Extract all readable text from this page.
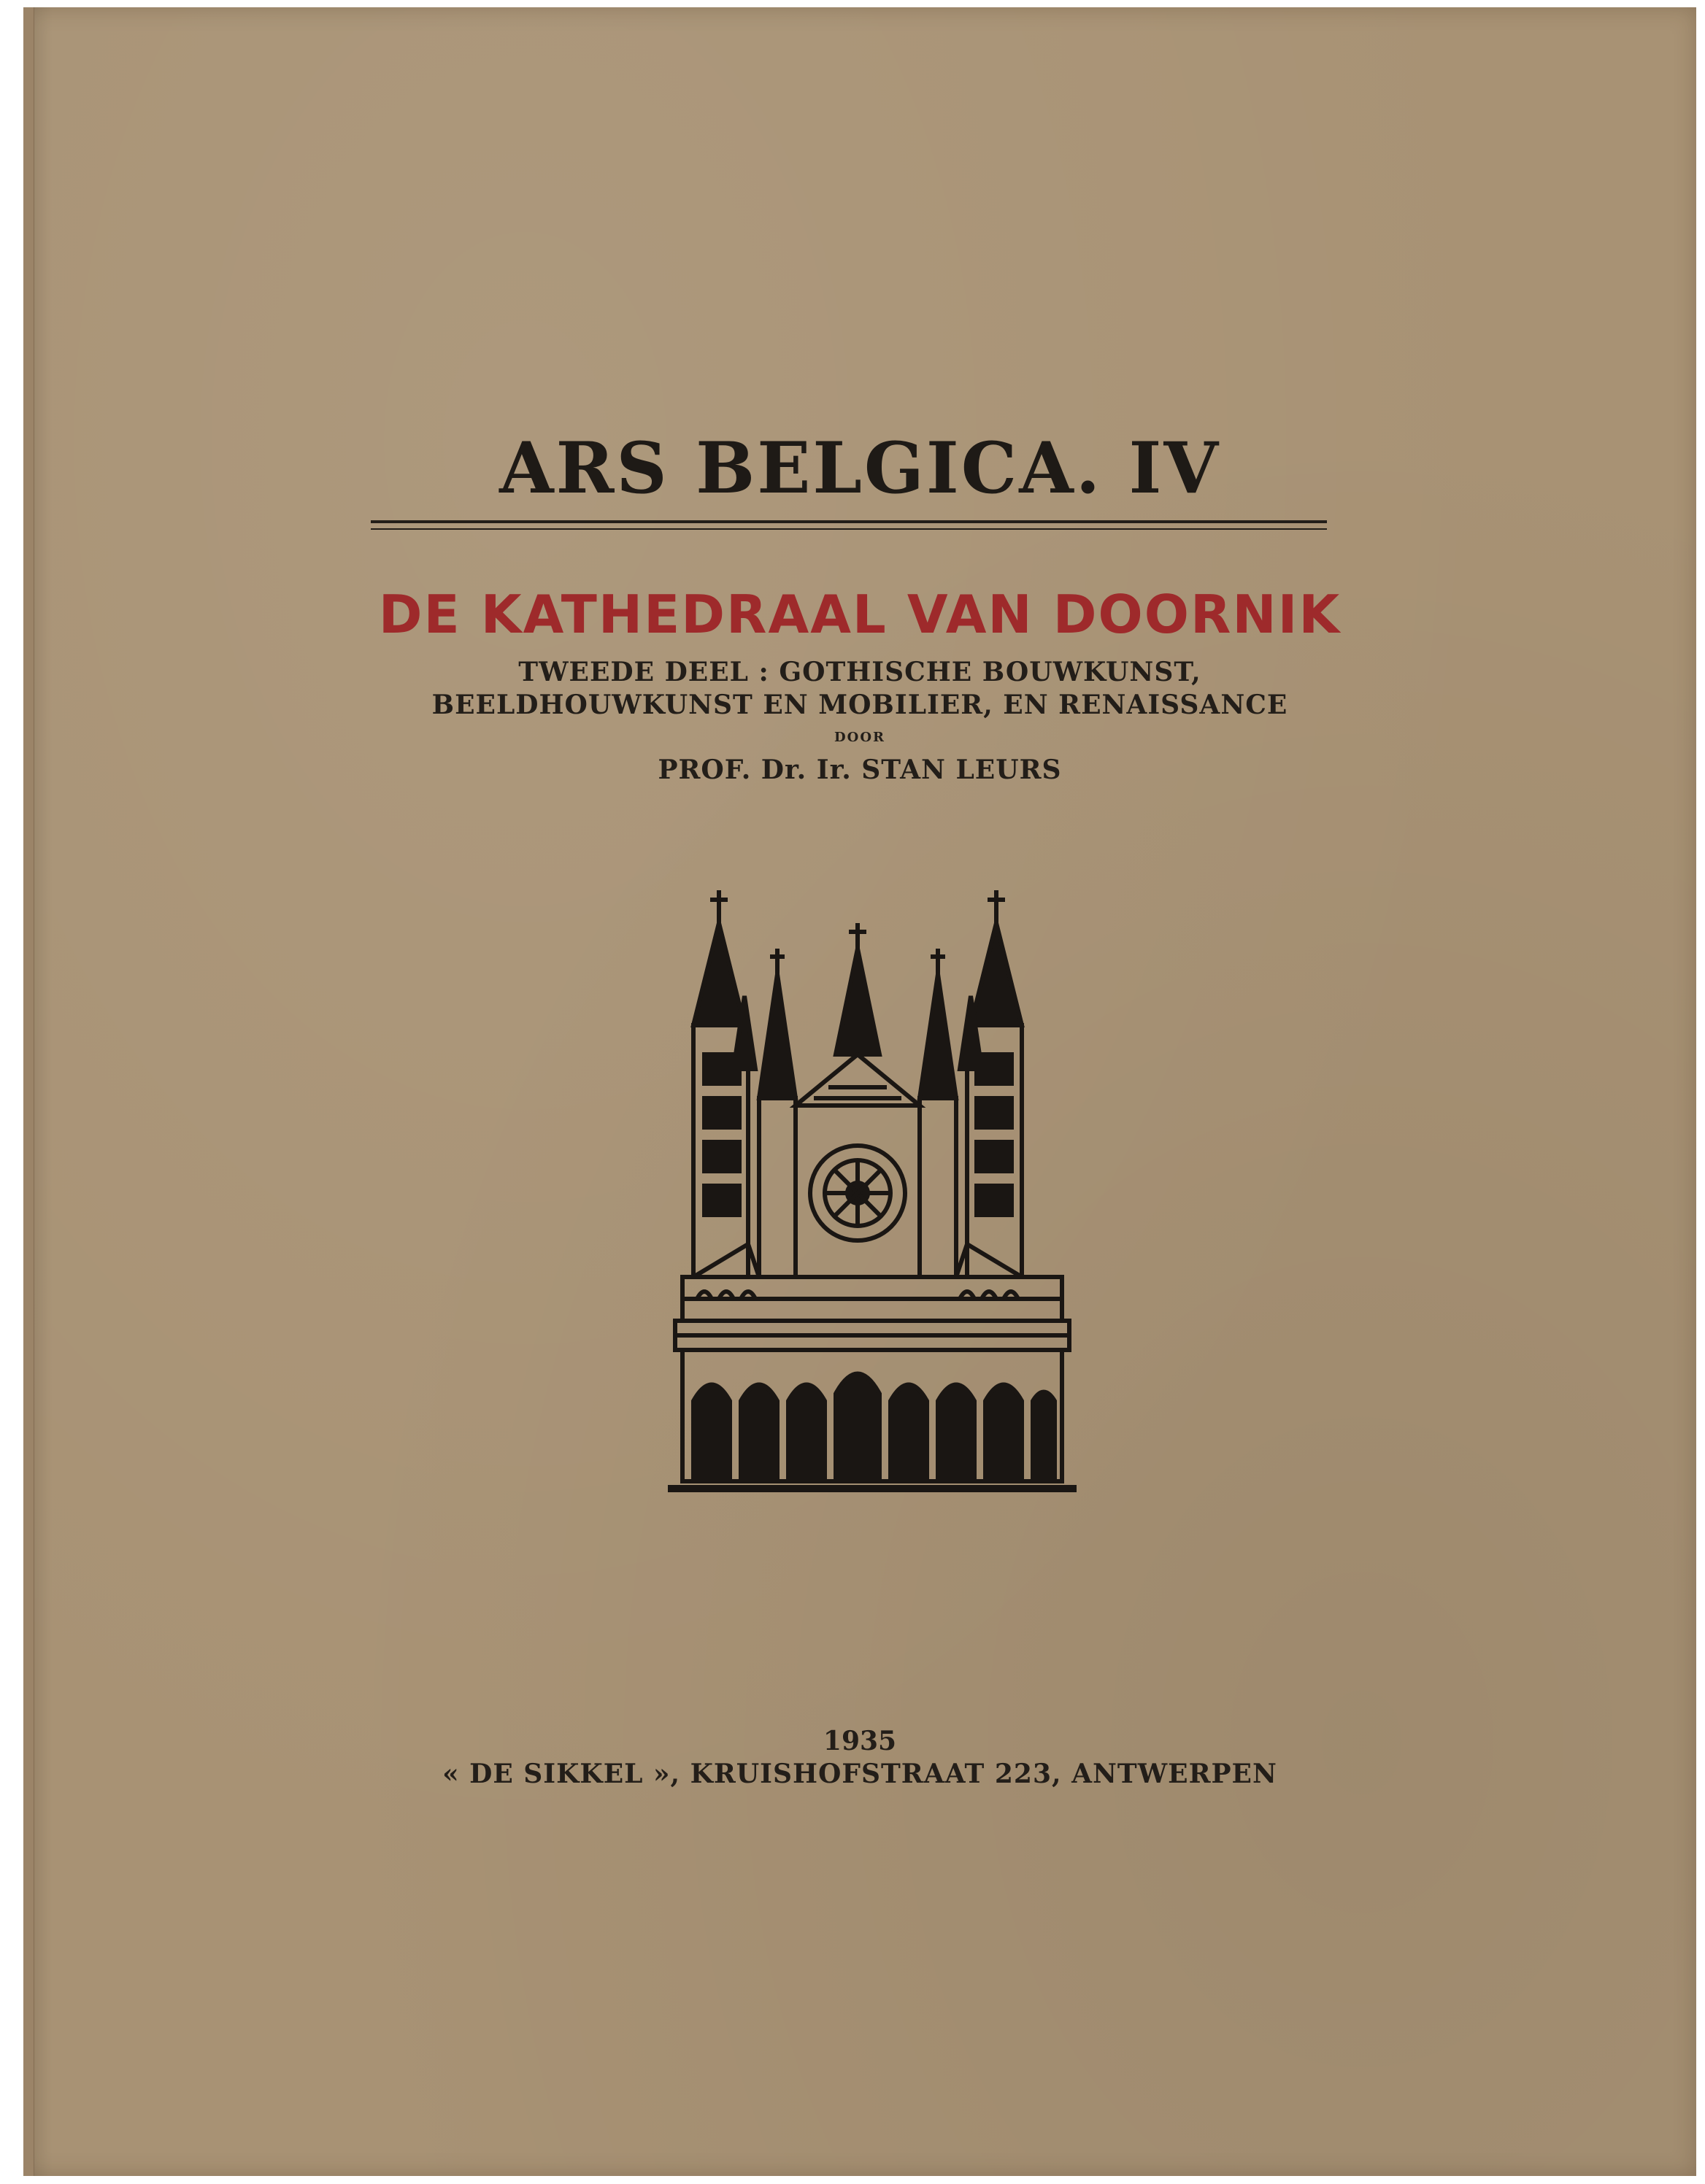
ARS BELGICA. IV
DE KATHEDRAAL VAN DOORNIK
TWEEDE DEEL : GOTHISCHE BOUWKUNST,
BEELDHOUWKUNST EN MOBILIER, EN RENAISSANCE
DOOR
PROF. Dr. Ir. STAN LEURS
1935
« DE SIKKEL », KRUISHOFSTRAAT 223, ANTWERPEN
